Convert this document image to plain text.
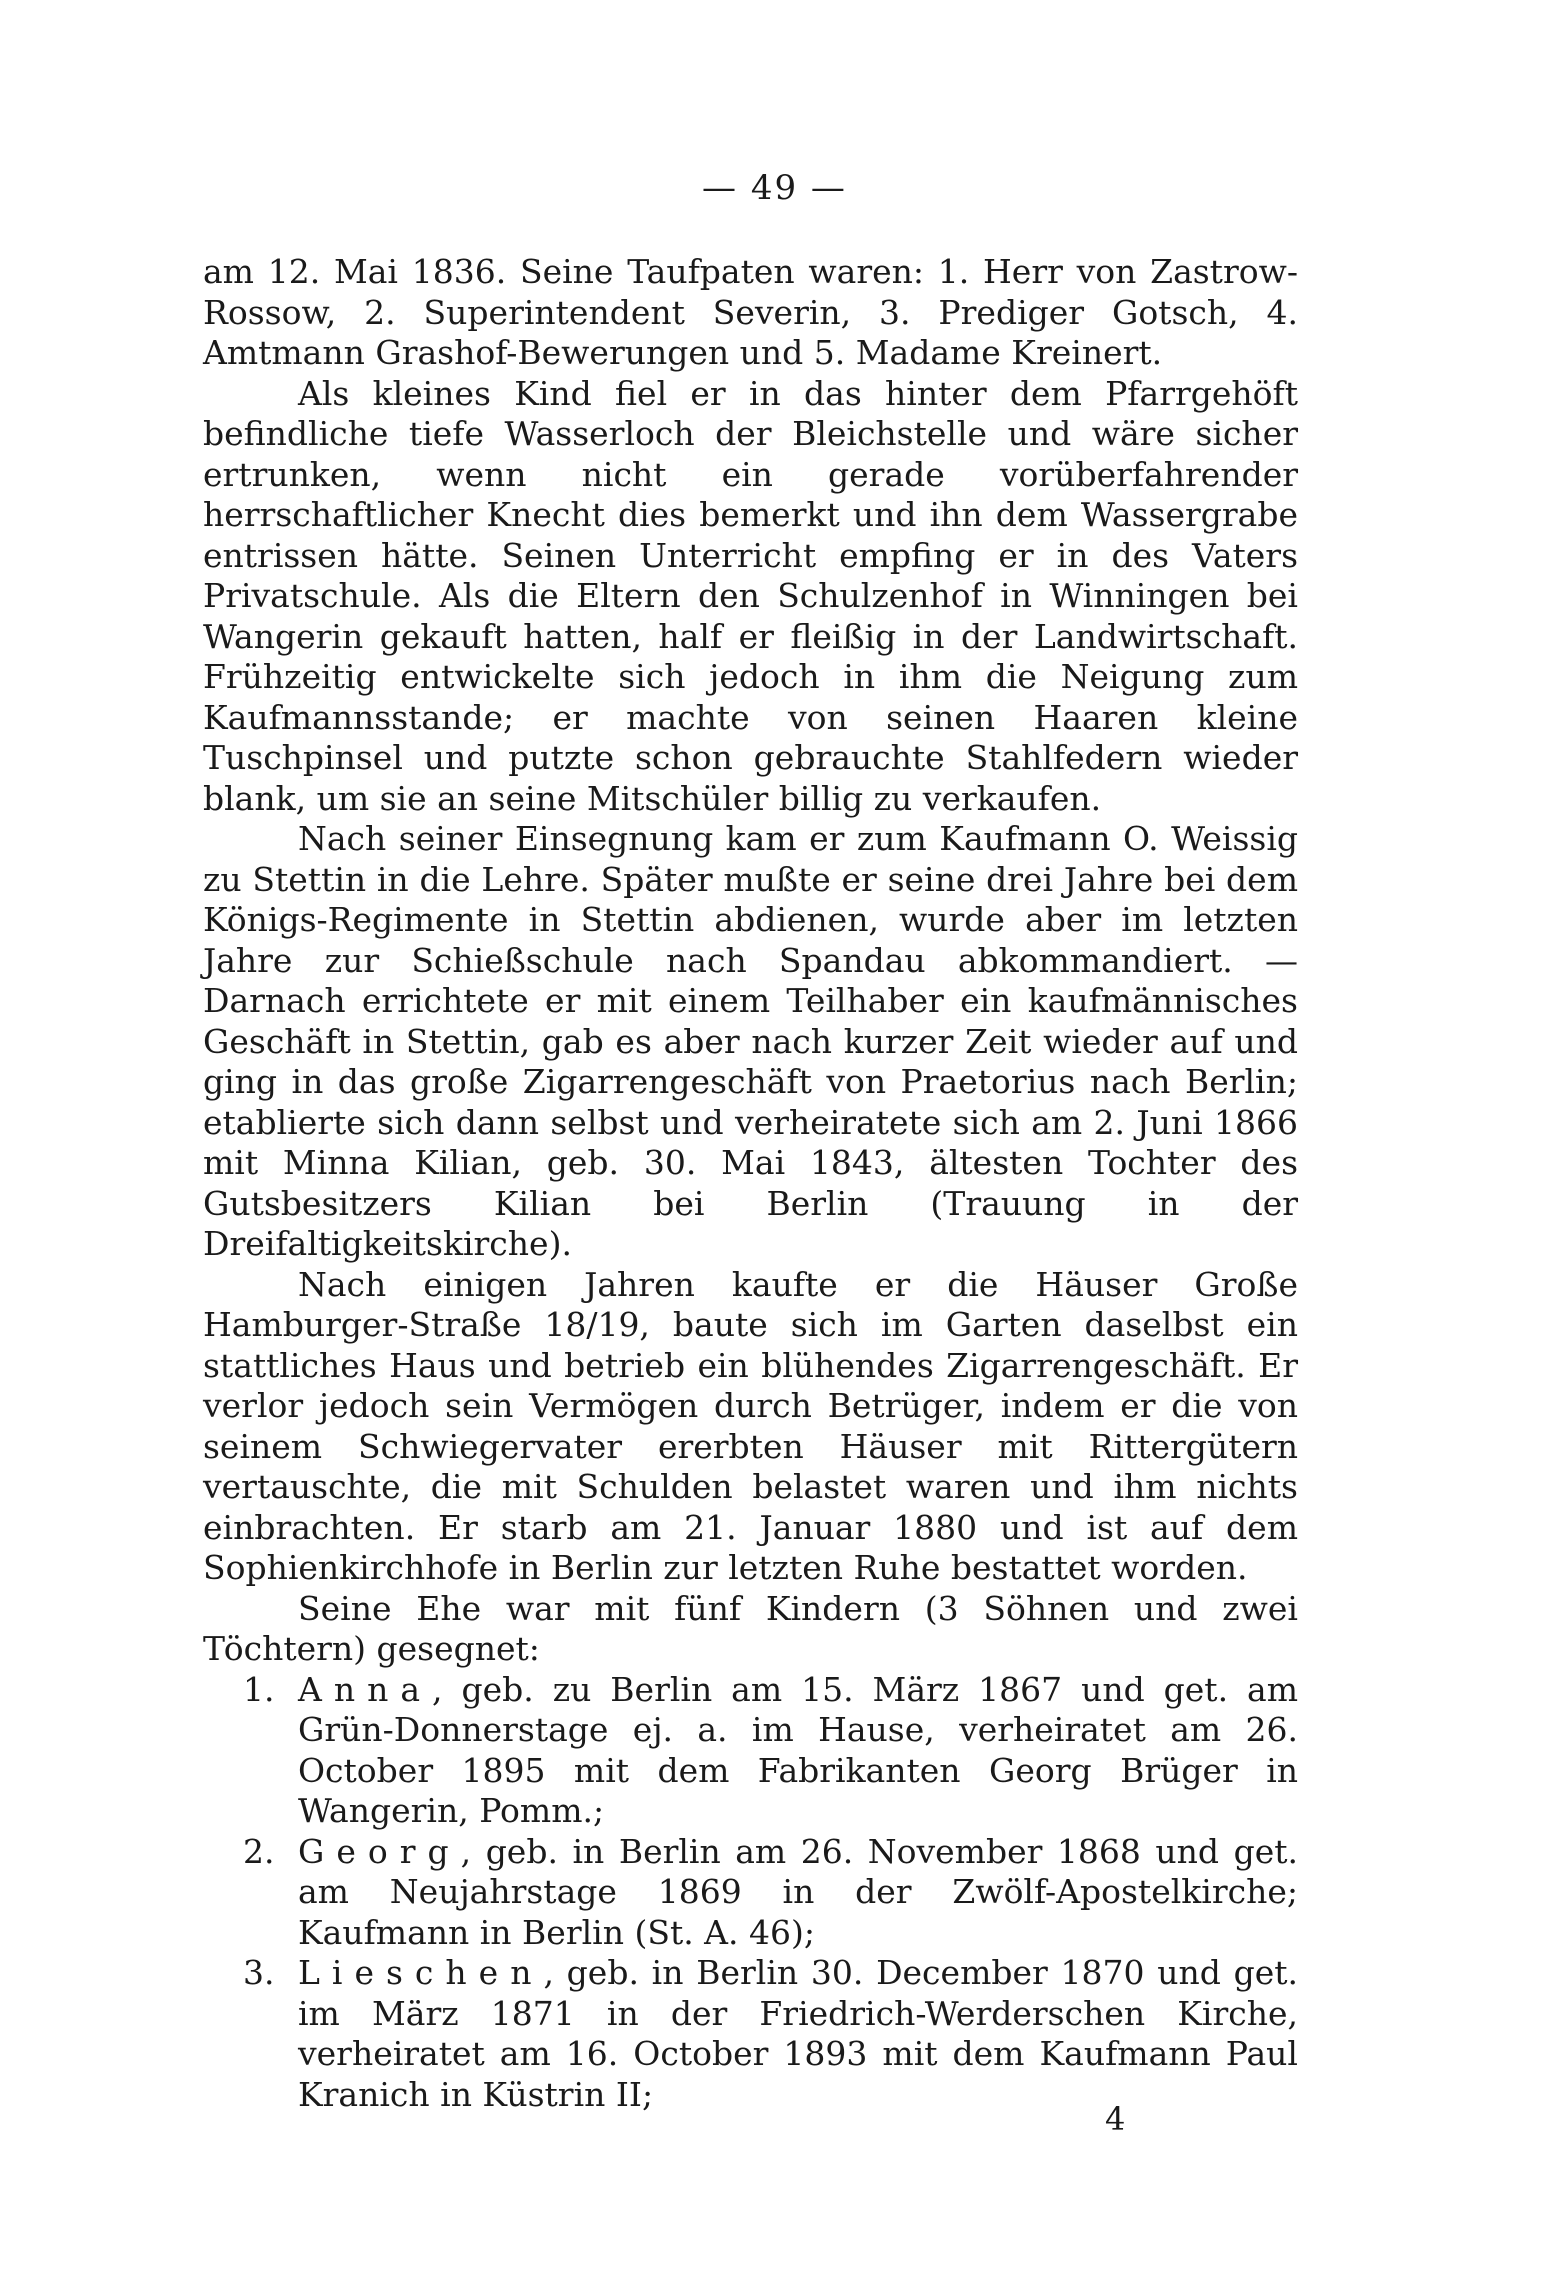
— 49 —

am 12. Mai 1836. Seine Taufpaten waren: 1. Herr von Zastrow-Rossow, 2. Superintendent Severin, 3. Prediger Gotsch, 4. Amtmann Grashof-Bewerungen und 5. Madame Kreinert.

Als kleines Kind fiel er in das hinter dem Pfarrgehöft befindliche tiefe Wasserloch der Bleichstelle und wäre sicher ertrunken, wenn nicht ein gerade vorüberfahrender herrschaftlicher Knecht dies bemerkt und ihn dem Wassergrabe entrissen hätte. Seinen Unterricht empfing er in des Vaters Privatschule. Als die Eltern den Schulzenhof in Winningen bei Wangerin gekauft hatten, half er fleißig in der Landwirtschaft. Frühzeitig entwickelte sich jedoch in ihm die Neigung zum Kaufmannsstande; er machte von seinen Haaren kleine Tuschpinsel und putzte schon gebrauchte Stahlfedern wieder blank, um sie an seine Mitschüler billig zu verkaufen.

Nach seiner Einsegnung kam er zum Kaufmann O. Weissig zu Stettin in die Lehre. Später mußte er seine drei Jahre bei dem Königs-Regimente in Stettin abdienen, wurde aber im letzten Jahre zur Schießschule nach Spandau abkommandiert. — Darnach errichtete er mit einem Teilhaber ein kaufmännisches Geschäft in Stettin, gab es aber nach kurzer Zeit wieder auf und ging in das große Zigarrengeschäft von Praetorius nach Berlin; etablierte sich dann selbst und verheiratete sich am 2. Juni 1866 mit Minna Kilian, geb. 30. Mai 1843, ältesten Tochter des Gutsbesitzers Kilian bei Berlin (Trauung in der Dreifaltigkeitskirche).

Nach einigen Jahren kaufte er die Häuser Große Hamburger-Straße 18/19, baute sich im Garten daselbst ein stattliches Haus und betrieb ein blühendes Zigarrengeschäft. Er verlor jedoch sein Vermögen durch Betrüger, indem er die von seinem Schwiegervater ererbten Häuser mit Rittergütern vertauschte, die mit Schulden belastet waren und ihm nichts einbrachten. Er starb am 21. Januar 1880 und ist auf dem Sophienkirchhofe in Berlin zur letzten Ruhe bestattet worden.

Seine Ehe war mit fünf Kindern (3 Söhnen und zwei Töchtern) gesegnet:

1. Anna, geb. zu Berlin am 15. März 1867 und get. am Grün-Donnerstage ej. a. im Hause, verheiratet am 26. October 1895 mit dem Fabrikanten Georg Brüger in Wangerin, Pomm.;
2. Georg, geb. in Berlin am 26. November 1868 und get. am Neujahrstage 1869 in der Zwölf-Apostelkirche; Kaufmann in Berlin (St. A. 46);
3. Lieschen, geb. in Berlin 30. December 1870 und get. im März 1871 in der Friedrich-Werderschen Kirche, verheiratet am 16. October 1893 mit dem Kaufmann Paul Kranich in Küstrin II;
4
